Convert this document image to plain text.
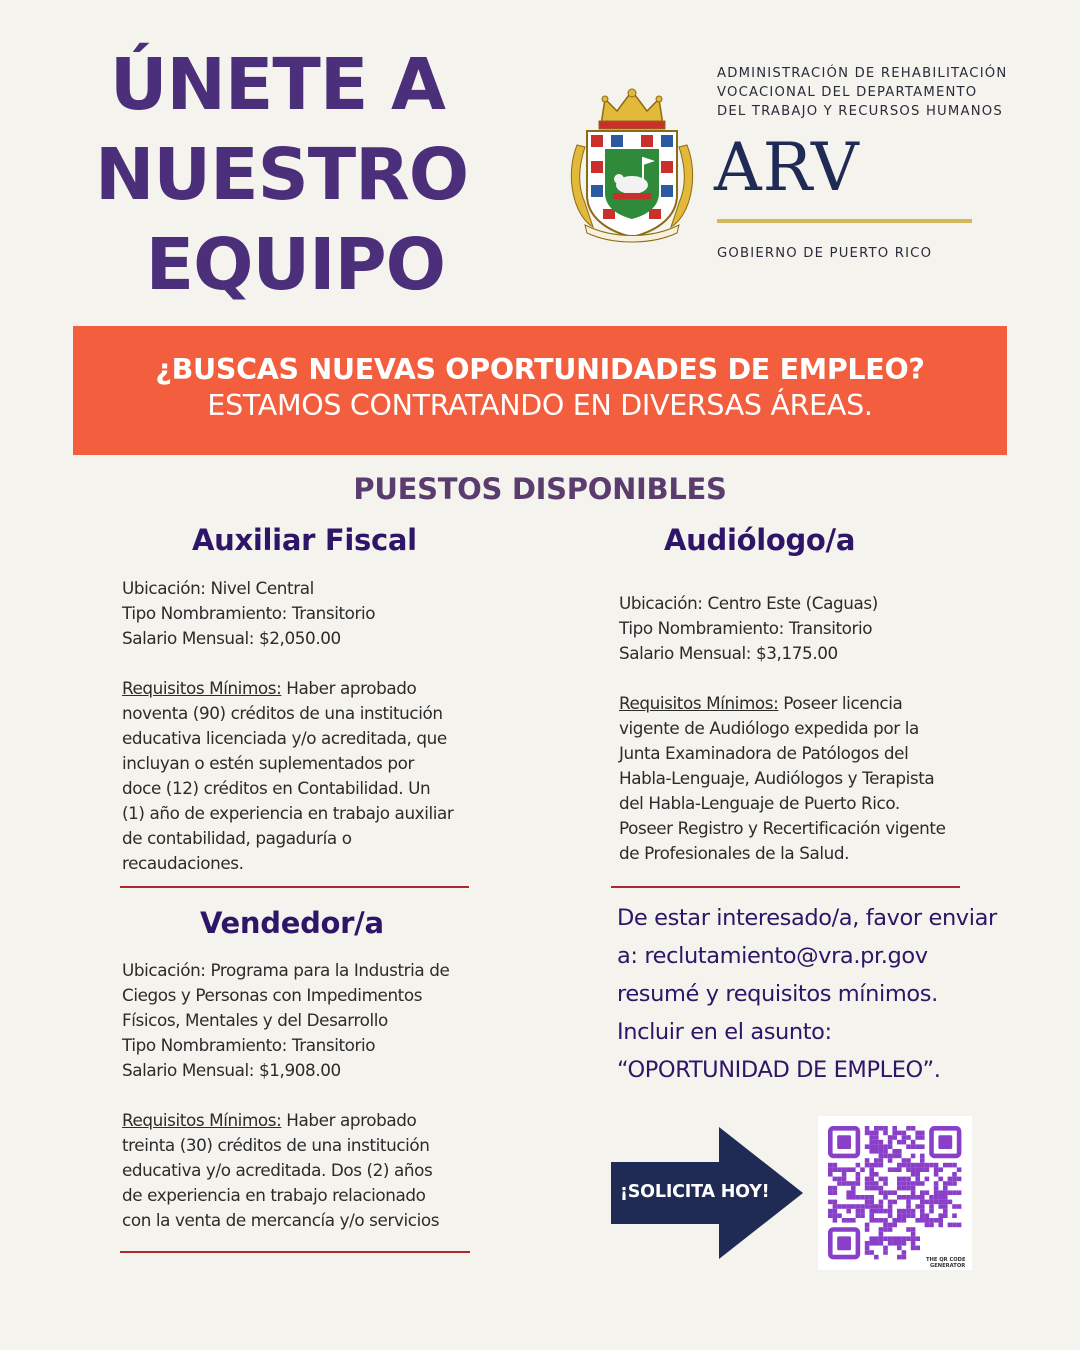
ÚNETE A
NUESTRO
EQUIPO
ADMINISTRACIÓN DE REHABILITACIÓN
VOCACIONAL DEL DEPARTAMENTO
DEL TRABAJO Y RECURSOS HUMANOS
ARV
GOBIERNO DE PUERTO RICO
¿BUSCAS NUEVAS OPORTUNIDADES DE EMPLEO?
ESTAMOS CONTRATANDO EN DIVERSAS ÁREAS.
PUESTOS DISPONIBLES
Auxiliar Fiscal
Ubicación: Nivel Central
Tipo Nombramiento: Transitorio
Salario Mensual: $2,050.00
Requisitos Mínimos: Haber aprobado
noventa (90) créditos de una institución
educativa licenciada y/o acreditada, que
incluyan o estén suplementados por
doce (12) créditos en Contabilidad. Un
(1) año de experiencia en trabajo auxiliar
de contabilidad, pagaduría o
recaudaciones.
Audiólogo/a
Ubicación: Centro Este (Caguas)
Tipo Nombramiento: Transitorio
Salario Mensual: $3,175.00
Requisitos Mínimos: Poseer licencia
vigente de Audiólogo expedida por la
Junta Examinadora de Patólogos del
Habla-Lenguaje, Audiólogos y Terapista
del Habla-Lenguaje de Puerto Rico.
Poseer Registro y Recertificación vigente
de Profesionales de la Salud.
Vendedor/a
Ubicación: Programa para la Industria de
Ciegos y Personas con Impedimentos
Físicos, Mentales y del Desarrollo
Tipo Nombramiento: Transitorio
Salario Mensual: $1,908.00
Requisitos Mínimos: Haber aprobado
treinta (30) créditos de una institución
educativa y/o acreditada. Dos (2) años
de experiencia en trabajo relacionado
con la venta de mercancía y/o servicios
De estar interesado/a, favor enviar
a: reclutamiento@vra.pr.gov
resumé y requisitos mínimos.
Incluir en el asunto:
“OPORTUNIDAD DE EMPLEO”.
¡SOLICITA HOY!
THE QR CODE
GENERATOR
